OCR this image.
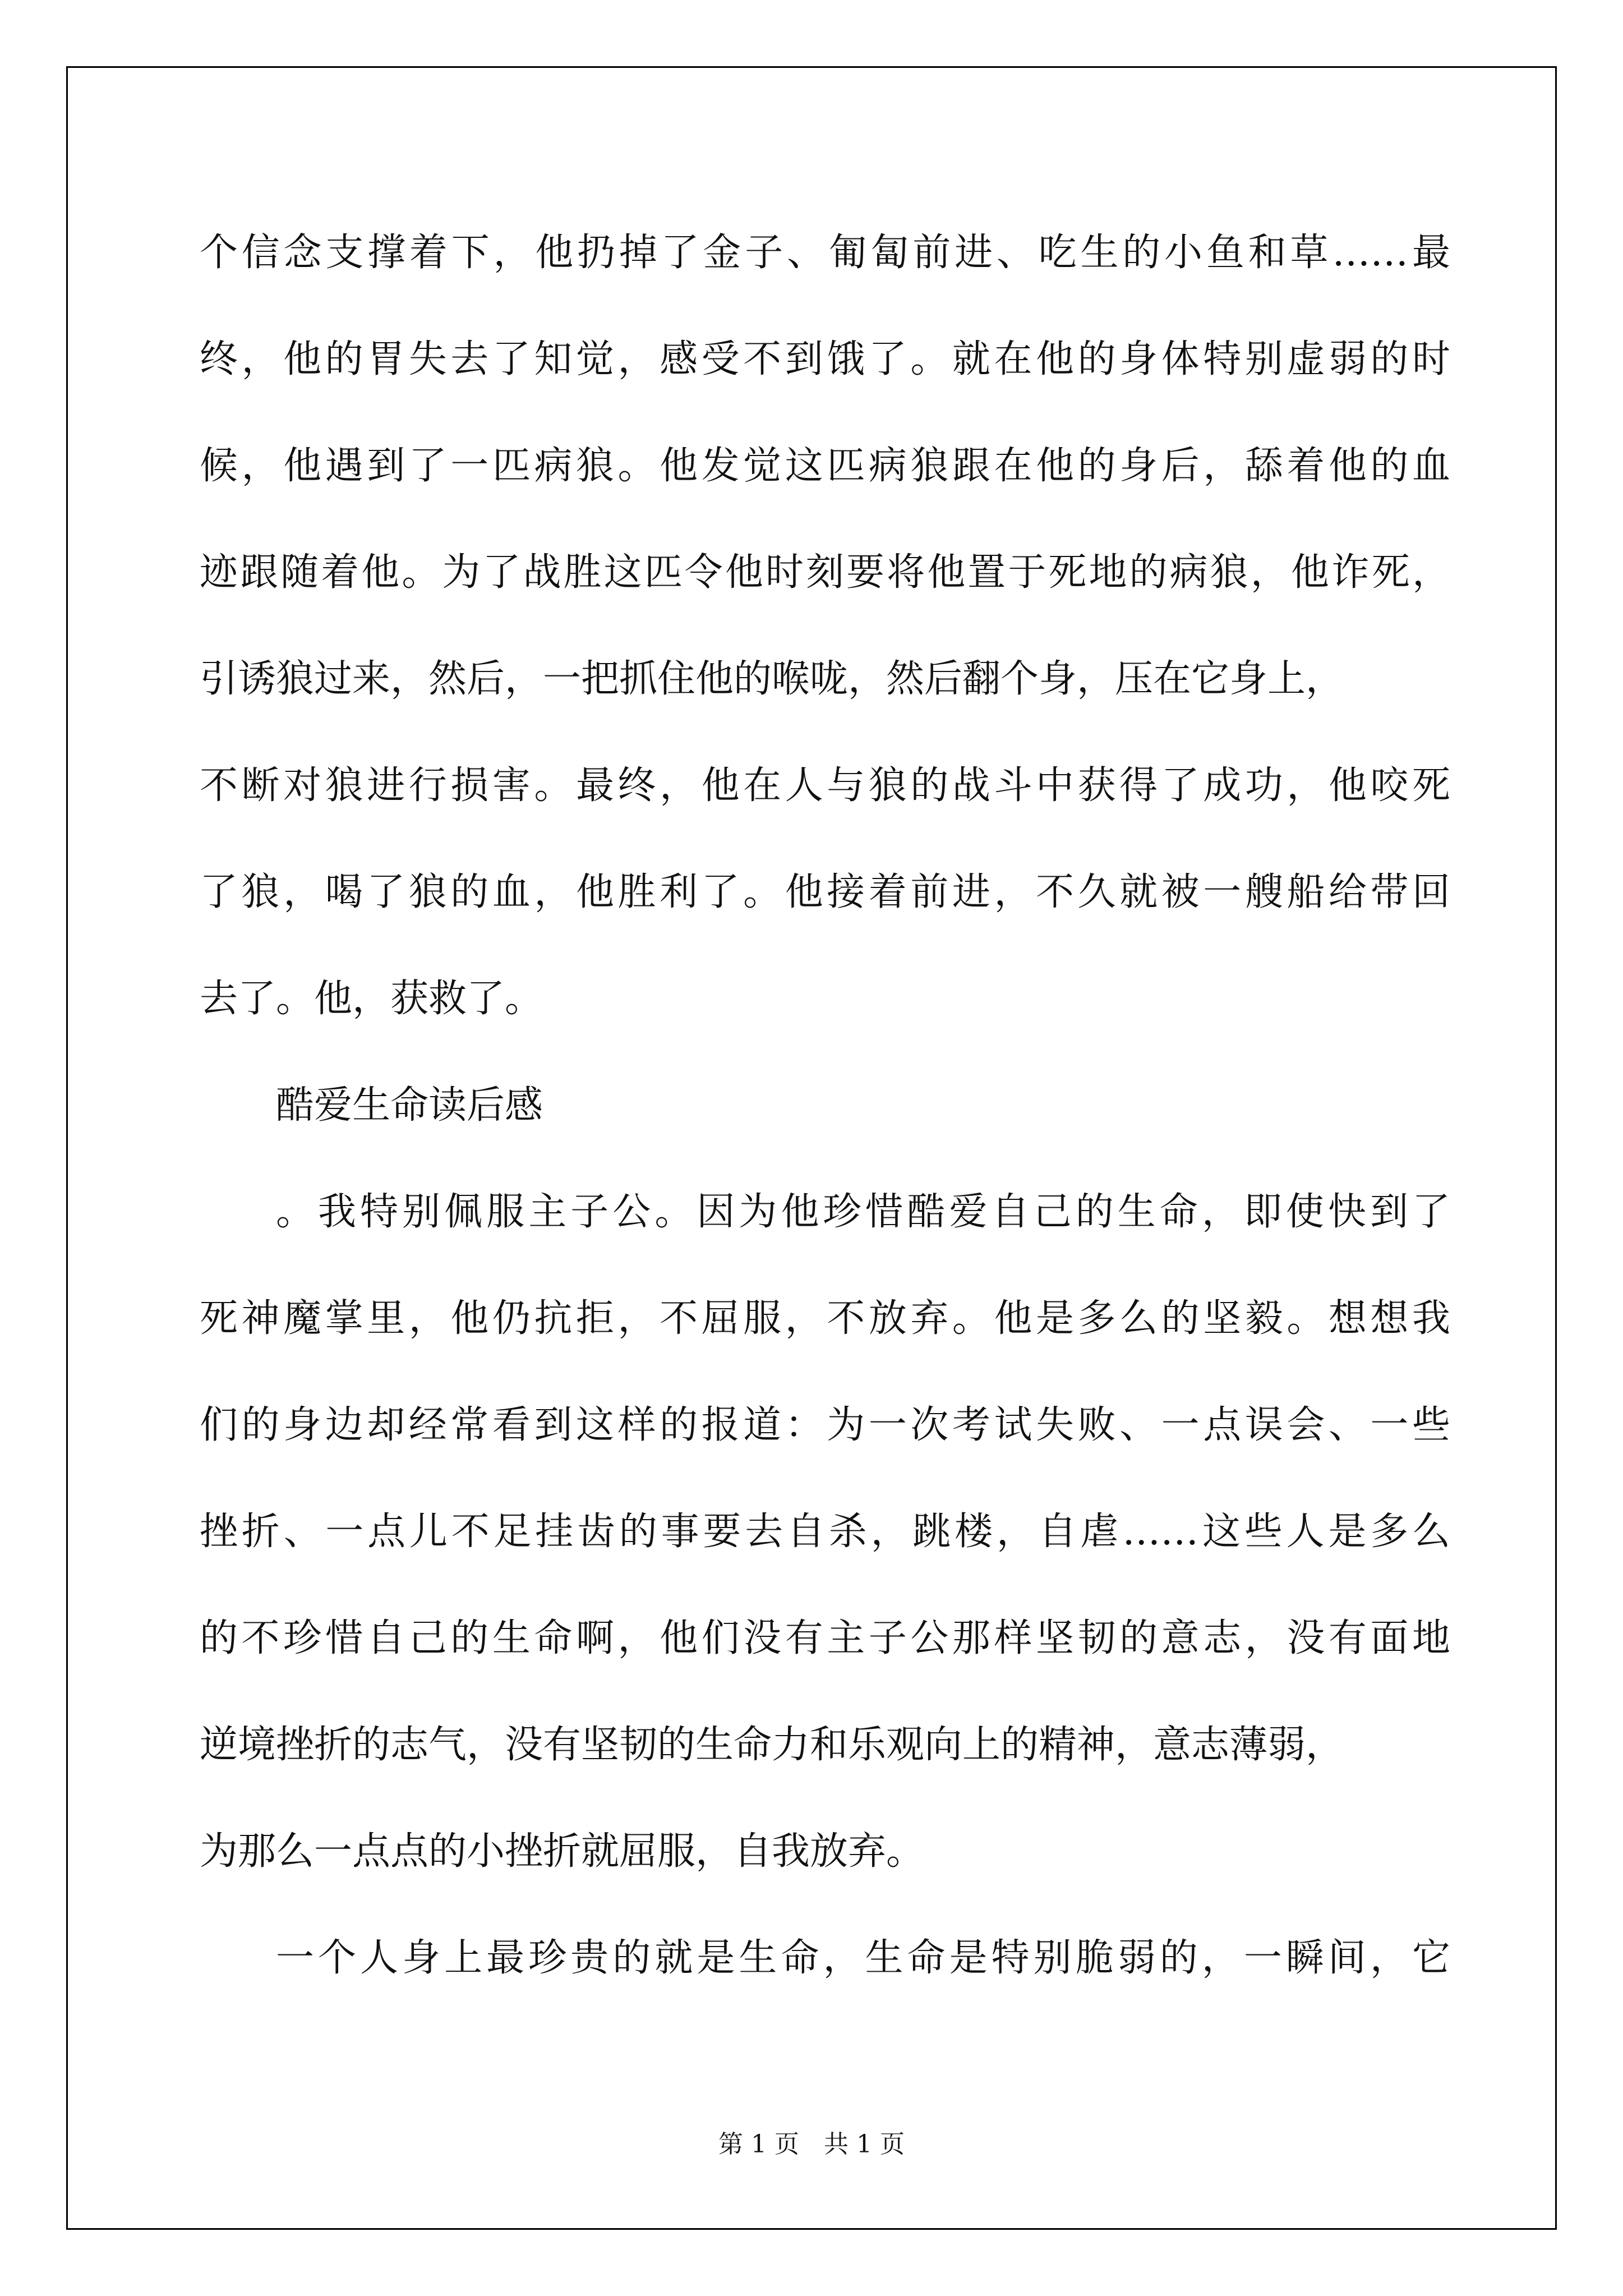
个信念支撑着下，他扔掉了金子、匍匐前进、吃生的小鱼和草……最
终，他的胃失去了知觉，感受不到饿了。就在他的身体特别虚弱的时
候，他遇到了一匹病狼。他发觉这匹病狼跟在他的身后，舔着他的血
迹跟随着他。为了战胜这匹令他时刻要将他置于死地的病狼，他诈死，
引诱狼过来，然后，一把抓住他的喉咙，然后翻个身，压在它身上，
不断对狼进行损害。最终，他在人与狼的战斗中获得了成功，他咬死
了狼，喝了狼的血，他胜利了。他接着前进，不久就被一艘船给带回
去了。他，获救了。
酷爱生命读后感
。我特别佩服主子公。因为他珍惜酷爱自己的生命，即使快到了
死神魔掌里，他仍抗拒，不屈服，不放弃。他是多么的坚毅。想想我
们的身边却经常看到这样的报道：为一次考试失败、一点误会、一些
挫折、一点儿不足挂齿的事要去自杀，跳楼，自虐……这些人是多么
的不珍惜自己的生命啊，他们没有主子公那样坚韧的意志，没有面地
逆境挫折的志气，没有坚韧的生命力和乐观向上的精神，意志薄弱，
为那么一点点的小挫折就屈服，自我放弃。
一个人身上最珍贵的就是生命，生命是特别脆弱的，一瞬间，它
第 1 页　共 1 页
